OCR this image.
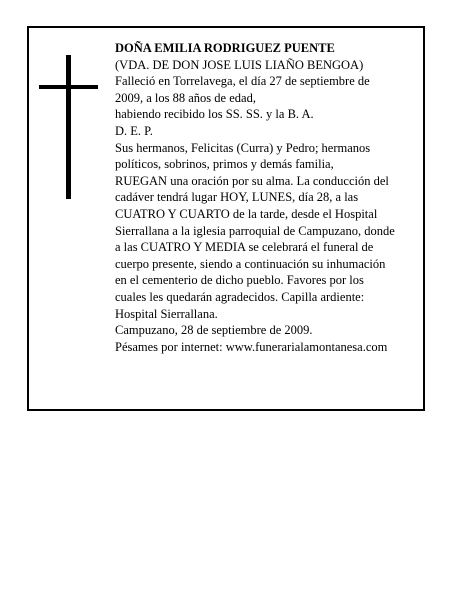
DOÑA EMILIA RODRIGUEZ PUENTE
(VDA. DE DON JOSE LUIS LIAÑO BENGOA)
Falleció en Torrelavega, el día 27 de septiembre de
2009, a los 88 años de edad,
habiendo recibido los SS. SS. y la B. A.
D. E. P.
Sus hermanos, Felicitas (Curra) y Pedro; hermanos
políticos, sobrinos, primos y demás familia,
RUEGAN una oración por su alma. La conducción del
cadáver tendrá lugar HOY, LUNES, día 28, a las
CUATRO Y CUARTO de la tarde, desde el Hospital
Sierrallana a la iglesia parroquial de Campuzano, donde
a las CUATRO Y MEDIA se celebrará el funeral de
cuerpo presente, siendo a continuación su inhumación
en el cementerio de dicho pueblo. Favores por los
cuales les quedarán agradecidos. Capilla ardiente:
Hospital Sierrallana.
Campuzano, 28 de septiembre de 2009.
Pésames por internet: www.funerarialamontanesa.com
